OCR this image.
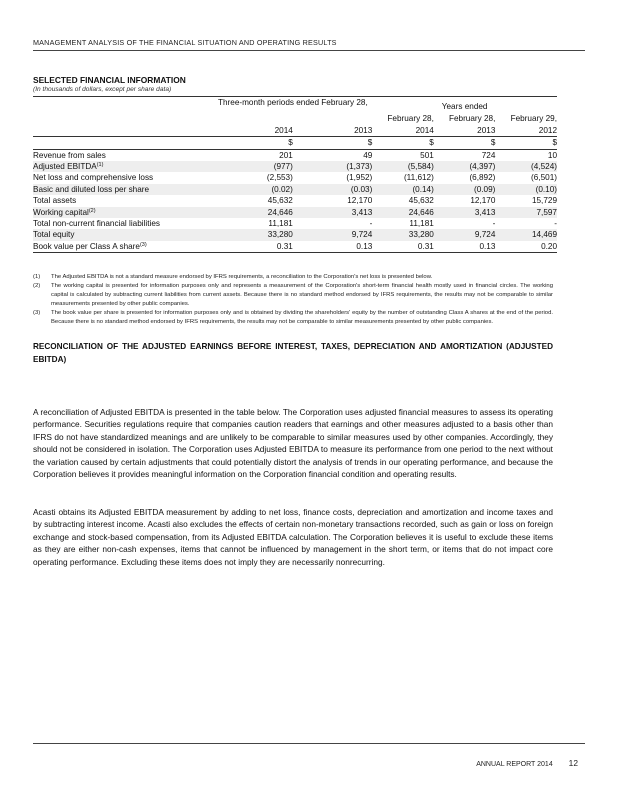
MANAGEMENT ANALYSIS OF THE FINANCIAL SITUATION AND OPERATING RESULTS
SELECTED FINANCIAL INFORMATION
(In thousands of dollars, except per share data)
	Three-month periods ended February 28,		Years ended		
			February 28,	February 28,	February 29,
	2014	2013	2014	2013	2012
	$	$	$	$	$
Revenue from sales	201	49	501	724	10
Adjusted EBITDA$^{(1)}$	(977)	(1,373)	(5,584)	(4,397)	(4,524)
Net loss and comprehensive loss	(2,553)	(1,952)	(11,612)	(6,892)	(6,501)
Basic and diluted loss per share	(0.02)	(0.03)	(0.14)	(0.09)	(0.10)
Total assets	45,632	12,170	45,632	12,170	15,729
Working capital$^{(2)}$	24,646	3,413	24,646	3,413	7,597
Total non-current financial liabilities	11,181	-	11,181	-	-
Total equity	33,280	9,724	33,280	9,724	14,469
Book value per Class A share$^{(3)}$	0.31	0.13	0.31	0.13	0.20
(1)	The Adjusted EBITDA is not a standard measure endorsed by IFRS requirements, a reconciliation to the Corporation's net loss is presented below.
(2)	The working capital is presented for information purposes only and represents a measurement of the Corporation's short-term financial health mostly used in financial circles. The working capital is calculated by subtracting current liabilities from current assets. Because there is no standard method endorsed by IFRS requirements, the results may not be comparable to similar measurements presented by other public companies.
(3)	The book value per share is presented for information purposes only and is obtained by dividing the shareholders' equity by the number of outstanding Class A shares at the end of the period. Because there is no standard method endorsed by IFRS requirements, the results may not be comparable to similar measurements presented by other public companies.
RECONCILIATION OF THE ADJUSTED EARNINGS BEFORE INTEREST, TAXES, DEPRECIATION AND AMORTIZATION (ADJUSTED EBITDA)
A reconciliation of Adjusted EBITDA is presented in the table below. The Corporation uses adjusted financial measures to assess its operating performance. Securities regulations require that companies caution readers that earnings and other measures adjusted to a basis other than IFRS do not have standardized meanings and are unlikely to be comparable to similar measures used by other companies. Accordingly, they should not be considered in isolation. The Corporation uses Adjusted EBITDA to measure its performance from one period to the next without the variation caused by certain adjustments that could potentially distort the analysis of trends in our operating performance, and because the Corporation believes it provides meaningful information on the Corporation financial condition and operating results.
Acasti obtains its Adjusted EBITDA measurement by adding to net loss, finance costs, depreciation and amortization and income taxes and by subtracting interest income. Acasti also excludes the effects of certain non-monetary transactions recorded, such as gain or loss on foreign exchange and stock-based compensation, from its Adjusted EBITDA calculation. The Corporation believes it is useful to exclude these items as they are either non-cash expenses, items that cannot be influenced by management in the short term, or items that do not impact core operating performance. Excluding these items does not imply they are necessarily nonrecurring.
ANNUAL REPORT 2014 12
